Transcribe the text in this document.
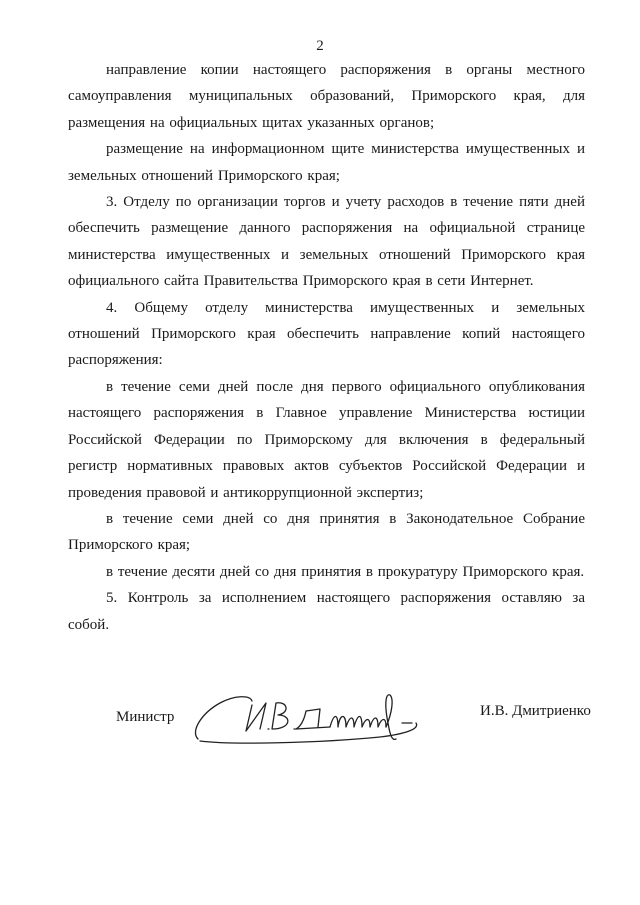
2

направление копии настоящего распоряжения в органы местного самоуправления муниципальных образований, Приморского края, для размещения на официальных щитах указанных органов;

размещение на информационном щите министерства имущественных и земельных отношений Приморского края;

3. Отделу по организации торгов и учету расходов в течение пяти дней обеспечить размещение данного распоряжения на официальной странице министерства имущественных и земельных отношений Приморского края официального сайта Правительства Приморского края в сети Интернет.

4. Общему отделу министерства имущественных и земельных отношений Приморского края обеспечить направление копий настоящего распоряжения:

в течение семи дней после дня первого официального опубликования настоящего распоряжения в Главное управление Министерства юстиции Российской Федерации по Приморскому для включения в федеральный регистр нормативных правовых актов субъектов Российской Федерации и проведения правовой и антикоррупционной экспертиз;

в течение семи дней со дня принятия в Законодательное Собрание Приморского края;

в течение десяти дней со дня принятия в прокуратуру Приморского края.

5. Контроль за исполнением настоящего распоряжения оставляю за собой.

Министр	И.В. Дмитриенко
